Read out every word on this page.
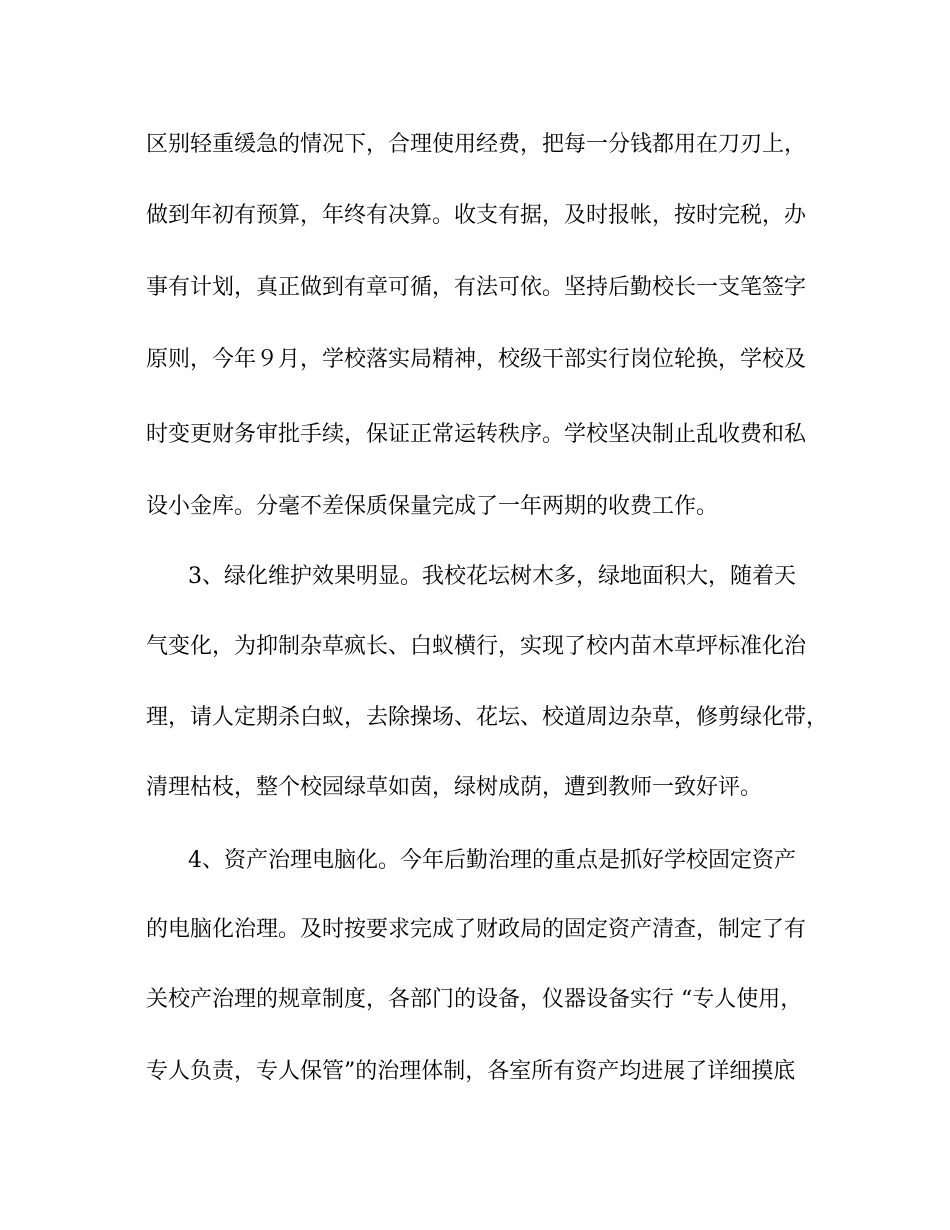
区别轻重缓急的情况下，合理使用经费，把每一分钱都用在刀刃上，
做到年初有预算，年终有决算。收支有据，及时报帐，按时完税，办
事有计划，真正做到有章可循，有法可依。坚持后勤校长一支笔签字
原则，今年９月，学校落实局精神，校级干部实行岗位轮换，学校及
时变更财务审批手续，保证正常运转秩序。学校坚决制止乱收费和私
设小金库。分毫不差保质保量完成了一年两期的收费工作。
3、绿化维护效果明显。我校花坛树木多，绿地面积大，随着天
气变化，为抑制杂草疯长、白蚁横行，实现了校内苗木草坪标准化治
理，请人定期杀白蚁，去除操场、花坛、校道周边杂草，修剪绿化带，
清理枯枝，整个校园绿草如茵，绿树成荫，遭到教师一致好评。
4、资产治理电脑化。今年后勤治理的重点是抓好学校固定资产
的电脑化治理。及时按要求完成了财政局的固定资产清查，制定了有
关校产治理的规章制度，各部门的设备，仪器设备实行 “专人使用，
专人负责，专人保管”的治理体制，各室所有资产均进展了详细摸底
